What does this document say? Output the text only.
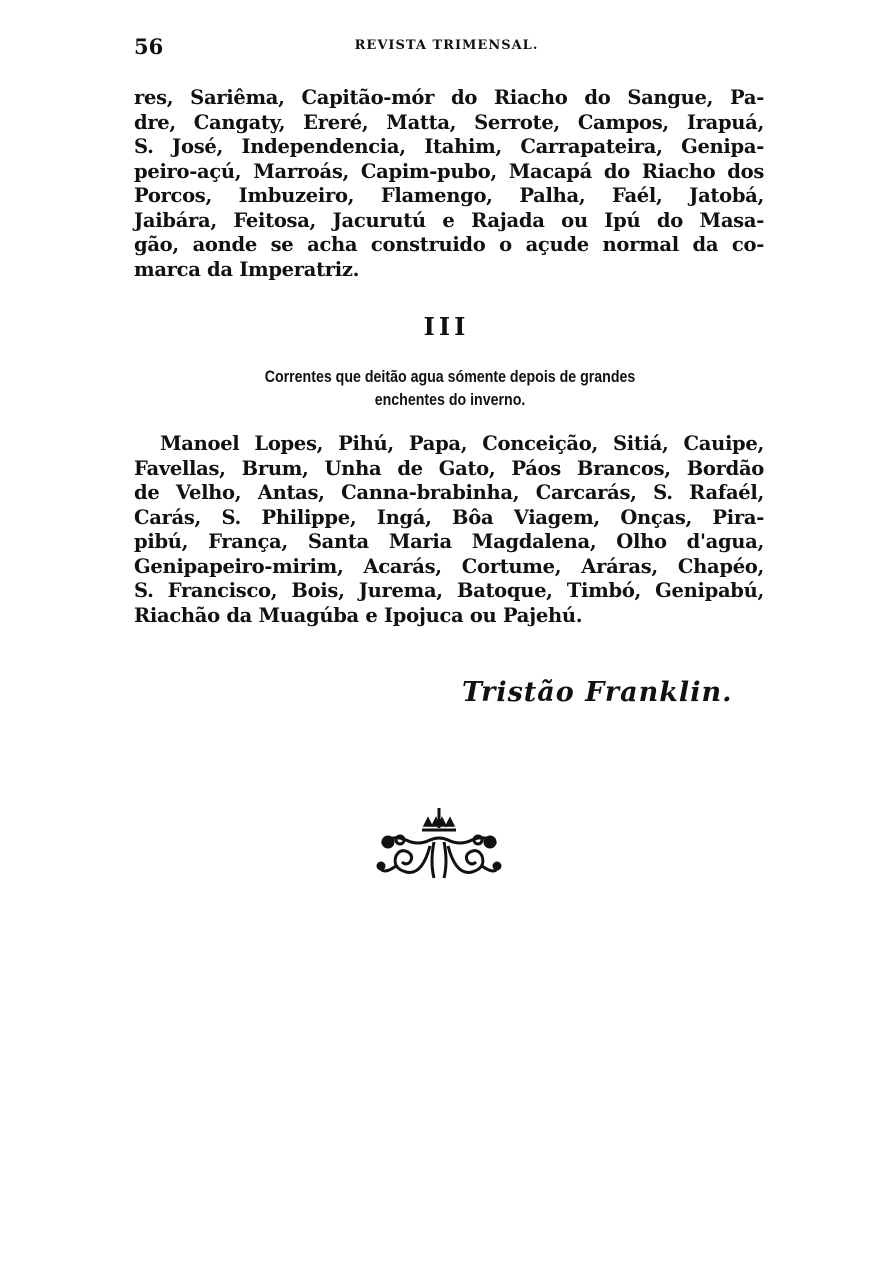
56	REVISTA TRIMENSAL.
res, Sariêma, Capitão-mór do Riacho do Sangue, Pa-
dre, Cangaty, Ereré, Matta, Serrote, Campos, Irapuá,
S. José, Independencia, Itahim, Carrapateira, Genipa-
peiro-açú, Marroás, Capim-pubo, Macapá do Riacho dos
Porcos, Imbuzeiro, Flamengo, Palha, Faél, Jatobá,
Jaibára, Feitosa, Jacurutú e Rajada ou Ipú do Masa-
gão, aonde se acha construido o açude normal da co-
marca da Imperatriz.
III
Correntes que deitão agua sómente depois de grandes
enchentes do inverno.
Manoel Lopes, Pihú, Papa, Conceição, Sitiá, Cauipe,
Favellas, Brum, Unha de Gato, Páos Brancos, Bordão
de Velho, Antas, Canna-brabinha, Carcarás, S. Rafaél,
Carás, S. Philippe, Ingá, Bôa Viagem, Onças, Pira-
pibú, França, Santa Maria Magdalena, Olho d'agua,
Genipapeiro-mirim, Acarás, Cortume, Aráras, Chapéo,
S. Francisco, Bois, Jurema, Batoque, Timbó, Genipabú,
Riachão da Muagúba e Ipojuca ou Pajehú.
Tristão Franklin.
